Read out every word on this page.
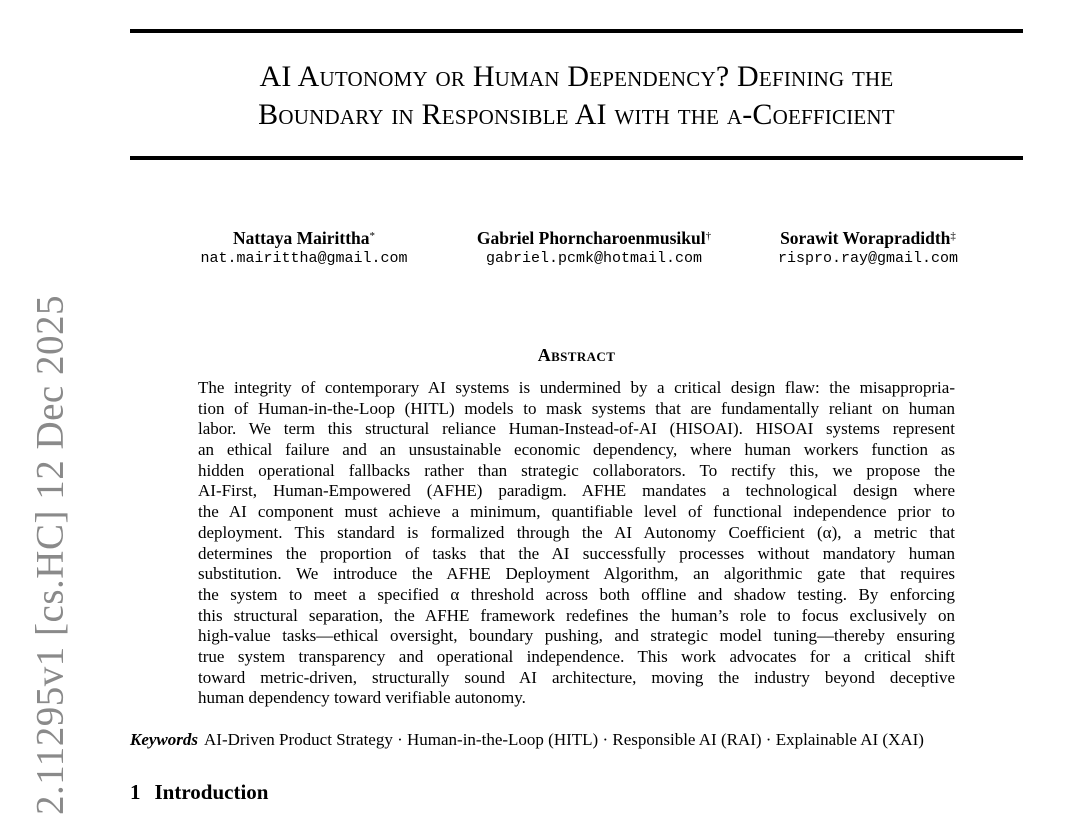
2.11295v1 [cs.HC] 12 Dec 2025
AI Autonomy or Human Dependency? Defining the
Boundary in Responsible AI with the α-Coefficient
Nattaya Mairittha*
nat.mairittha@gmail.com
Gabriel Phorncharoenmusikul†
gabriel.pcmk@hotmail.com
Sorawit Worapradidth‡
rispro.ray@gmail.com
Abstract
The integrity of contemporary AI systems is undermined by a critical design flaw: the misappropria-
tion of Human-in-the-Loop (HITL) models to mask systems that are fundamentally reliant on human
labor. We term this structural reliance Human-Instead-of-AI (HISOAI). HISOAI systems represent
an ethical failure and an unsustainable economic dependency, where human workers function as
hidden operational fallbacks rather than strategic collaborators. To rectify this, we propose the
AI-First, Human-Empowered (AFHE) paradigm. AFHE mandates a technological design where
the AI component must achieve a minimum, quantifiable level of functional independence prior to
deployment. This standard is formalized through the AI Autonomy Coefficient (α), a metric that
determines the proportion of tasks that the AI successfully processes without mandatory human
substitution. We introduce the AFHE Deployment Algorithm, an algorithmic gate that requires
the system to meet a specified α threshold across both offline and shadow testing. By enforcing
this structural separation, the AFHE framework redefines the human’s role to focus exclusively on
high-value tasks—ethical oversight, boundary pushing, and strategic model tuning—thereby ensuring
true system transparency and operational independence. This work advocates for a critical shift
toward metric-driven, structurally sound AI architecture, moving the industry beyond deceptive
human dependency toward verifiable autonomy.
Keywords AI-Driven Product Strategy · Human-in-the-Loop (HITL) · Responsible AI (RAI) · Explainable AI (XAI)
1 Introduction
